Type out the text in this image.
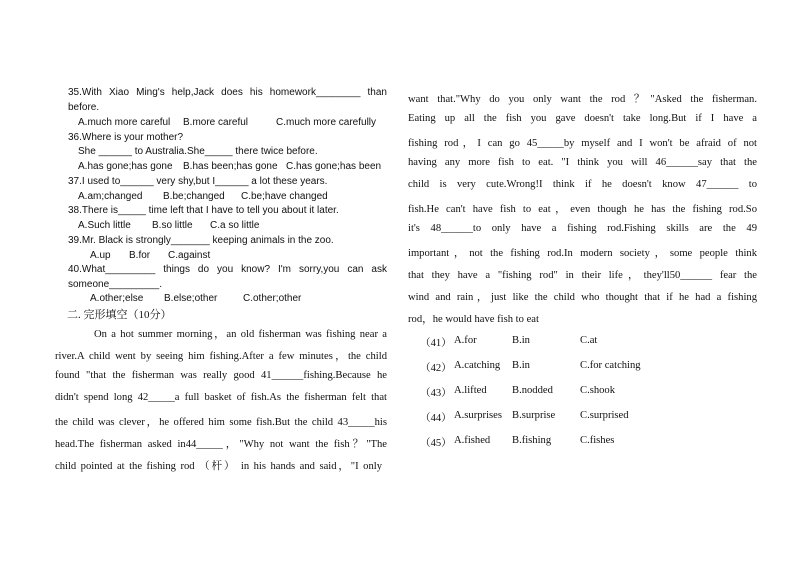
35.With Xiao Ming's help,Jack does his homework________ than
before.
A.much more careful B.more careful	C.much more carefully
36.Where is your mother?
She ______ to Australia.She_____ there twice before.
A.has gone;has gone B.has been;has gone C.has gone;has been
37.I used to______ very shy,but I______ a lot these years.
A.am;changed B.be;changed C.be;have changed
38.There is_____ time left that I have to tell you about it later.
A.Such little B.so little C.a so little
39.Mr. Black is strongly_______ keeping animals in the zoo.
A.up B.for C.against
40.What_________ things do you know? I'm sorry,you can ask
someone_________.
A.other;else B.else;other	C.other;other
二. 完形填空（10分）
On a hot summer morning，an old fisherman was fishing near a
river.A child went by seeing him fishing.After a few minutes，the child
found "that the fisherman was really good 41______fishing.Because he
didn't spend long 42_____a full basket of fish.As the fisherman felt that
the child was clever，he offered him some fish.But the child 43_____his
head.The fisherman asked in44_____，"Why not want the fish？"The
child pointed at the fishing rod （杆） in his hands and said，"I only
want that."Why do you only want the rod ？"Asked the fisherman.
Eating up all the fish you gave doesn't take long.But if I have a
fishing rod，I can go 45_____by myself and I won't be afraid of not
having any more fish to eat. "I think you will 46______say that the
child is very cute.Wrong!I think if he doesn't know 47______ to
fish.He can't have fish to eat，even though he has the fishing rod.So
it's 48______to only have a fishing rod.Fishing skills are the 49
important，not the fishing rod.In modern society，some people think
that they have a "fishing rod" in their life，they'll50______ fear the
wind and rain，just like the child who thought that if he had a fishing
rod，he would have fish to eat
（41） A.for	B.in	C.at
（42） A.catching B.in	C.for catching
（43） A.lifted B.nodded	C.shook
（44） A.surprises B.surprise C.surprised
（45） A.fished B.fishing	C.fishes
